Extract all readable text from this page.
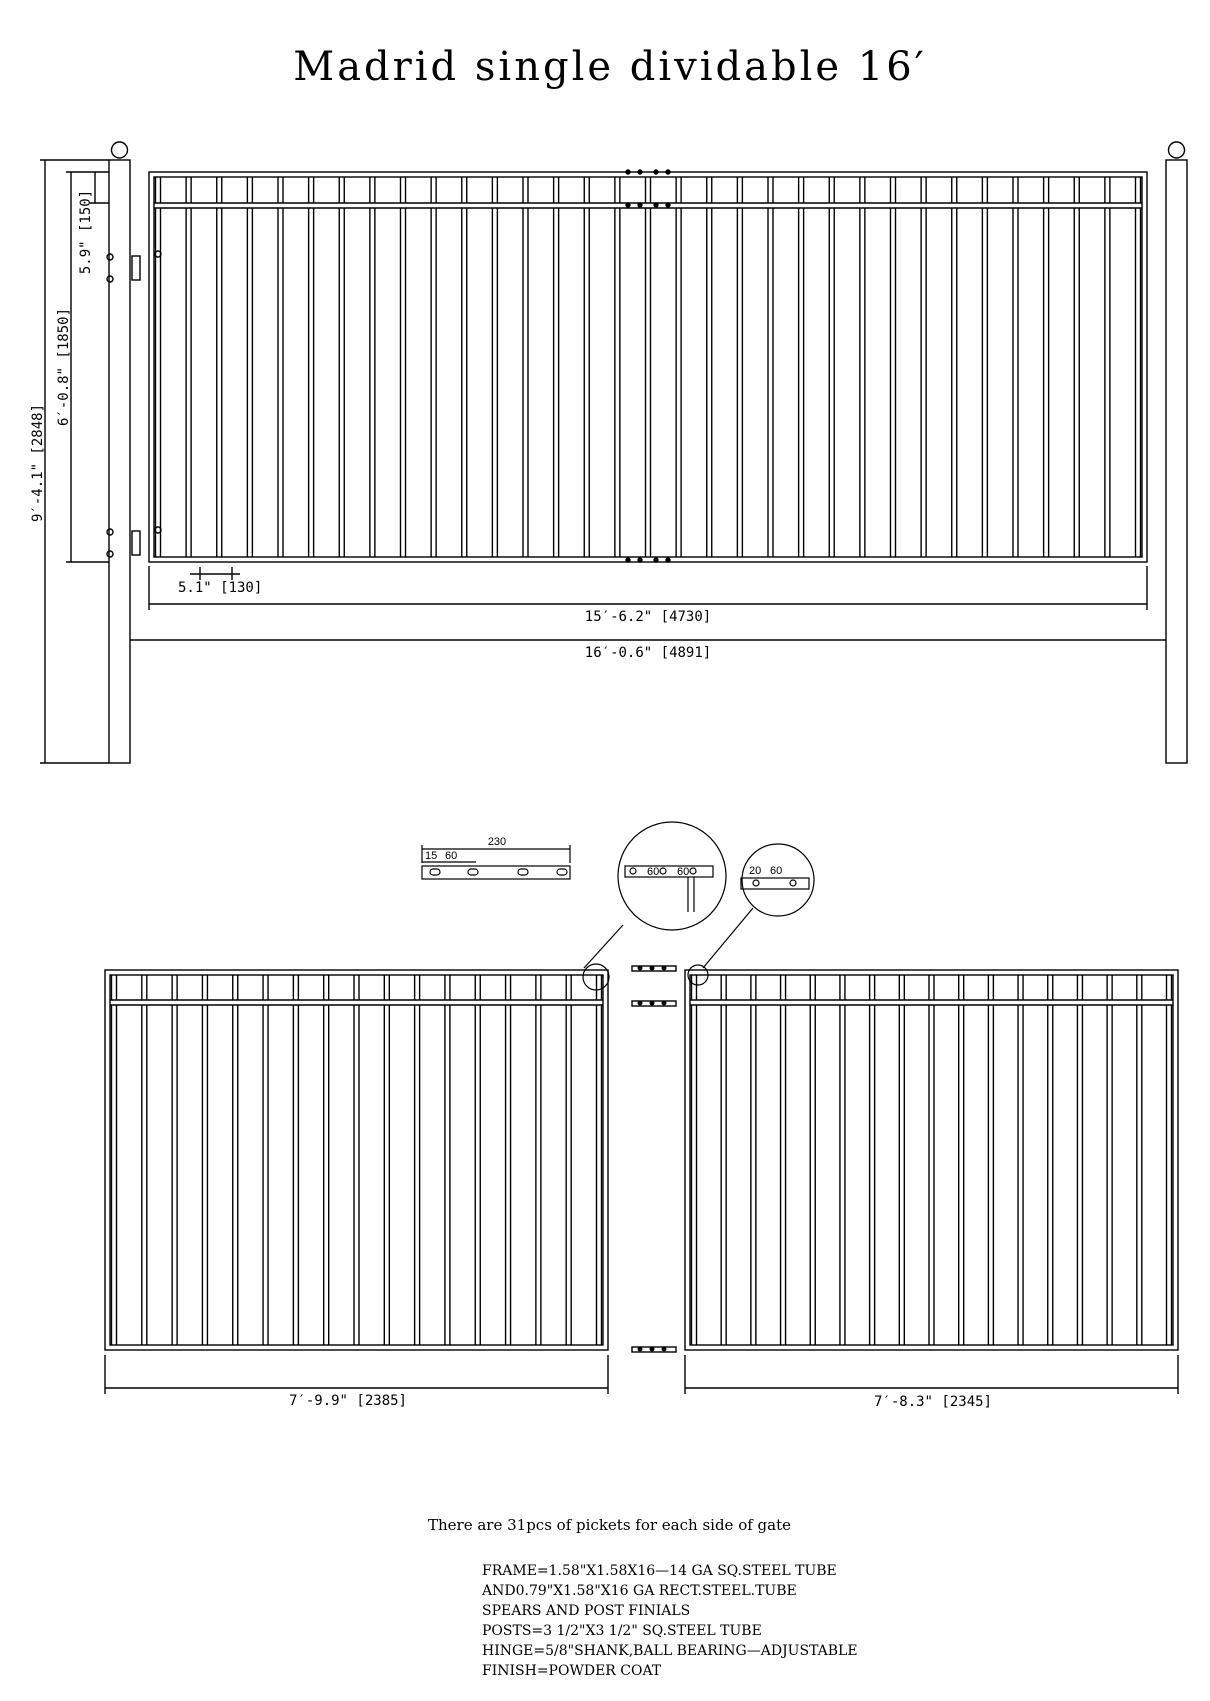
Madrid single dividable 16′
9′-4.1" [2848]
6′-0.8" [1850]
5.9" [150]
5.1" [130]
15′-6.2" [4730]
16′-0.6" [4891]
230
15 60
60 60	20 60
7′-9.9" [2385]	7′-8.3" [2345]
There are 31pcs of pickets for each side of gate
FRAME=1.58"X1.58X16—14 GA SQ.STEEL TUBE
AND0.79"X1.58"X16 GA RECT.STEEL.TUBE
SPEARS AND POST FINIALS
POSTS=3 1/2"X3 1/2" SQ.STEEL TUBE
HINGE=5/8"SHANK,BALL BEARING—ADJUSTABLE
FINISH=POWDER COAT
